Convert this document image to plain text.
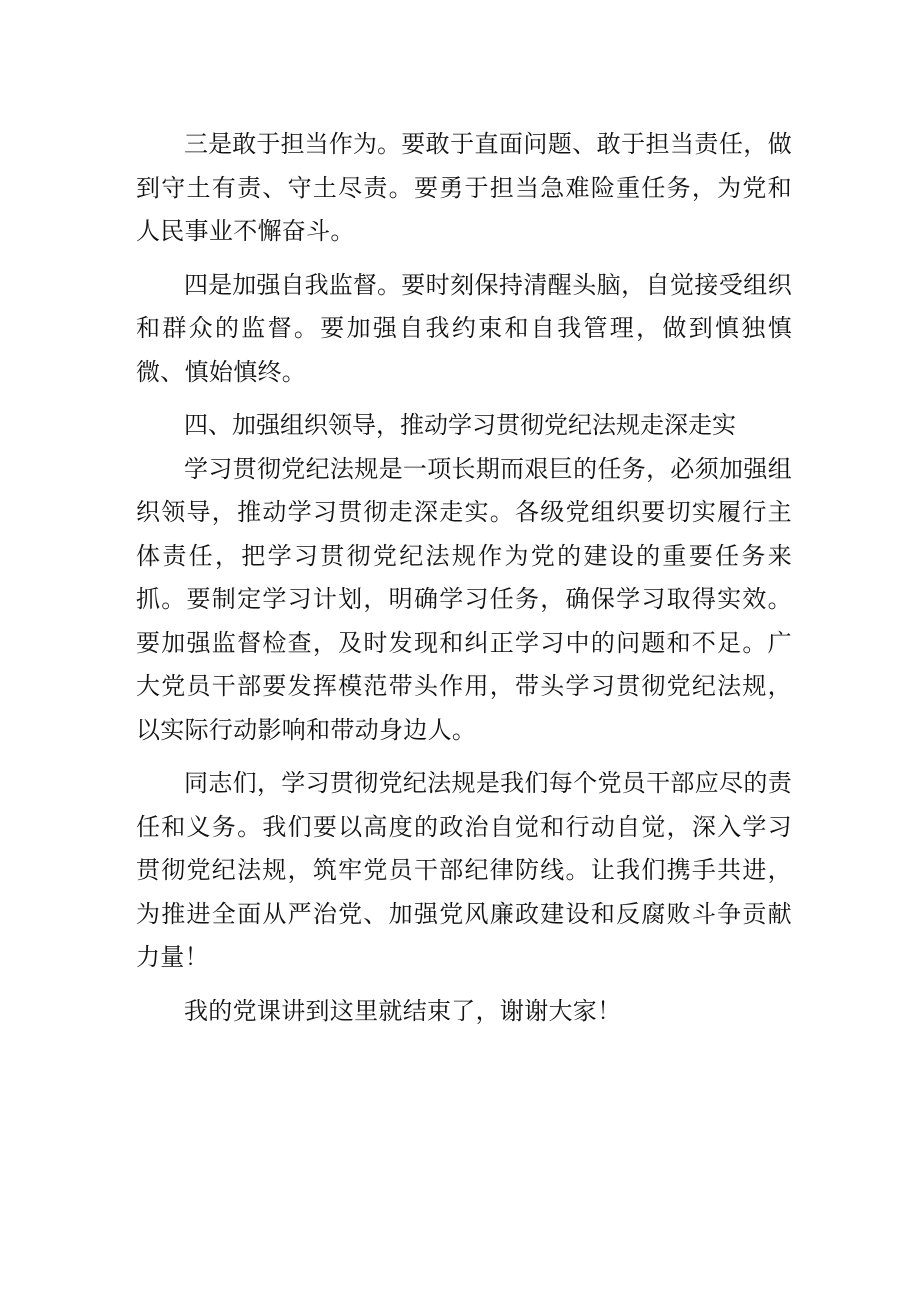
三是敢于担当作为。要敢于直面问题、敢于担当责任，做到守土有责、守土尽责。要勇于担当急难险重任务，为党和人民事业不懈奋斗。

四是加强自我监督。要时刻保持清醒头脑，自觉接受组织和群众的监督。要加强自我约束和自我管理，做到慎独慎微、慎始慎终。

四、加强组织领导，推动学习贯彻党纪法规走深走实

学习贯彻党纪法规是一项长期而艰巨的任务，必须加强组织领导，推动学习贯彻走深走实。各级党组织要切实履行主体责任，把学习贯彻党纪法规作为党的建设的重要任务来抓。要制定学习计划，明确学习任务，确保学习取得实效。要加强监督检查，及时发现和纠正学习中的问题和不足。广大党员干部要发挥模范带头作用，带头学习贯彻党纪法规，以实际行动影响和带动身边人。

同志们，学习贯彻党纪法规是我们每个党员干部应尽的责任和义务。我们要以高度的政治自觉和行动自觉，深入学习贯彻党纪法规，筑牢党员干部纪律防线。让我们携手共进，为推进全面从严治党、加强党风廉政建设和反腐败斗争贡献力量！

我的党课讲到这里就结束了，谢谢大家！
